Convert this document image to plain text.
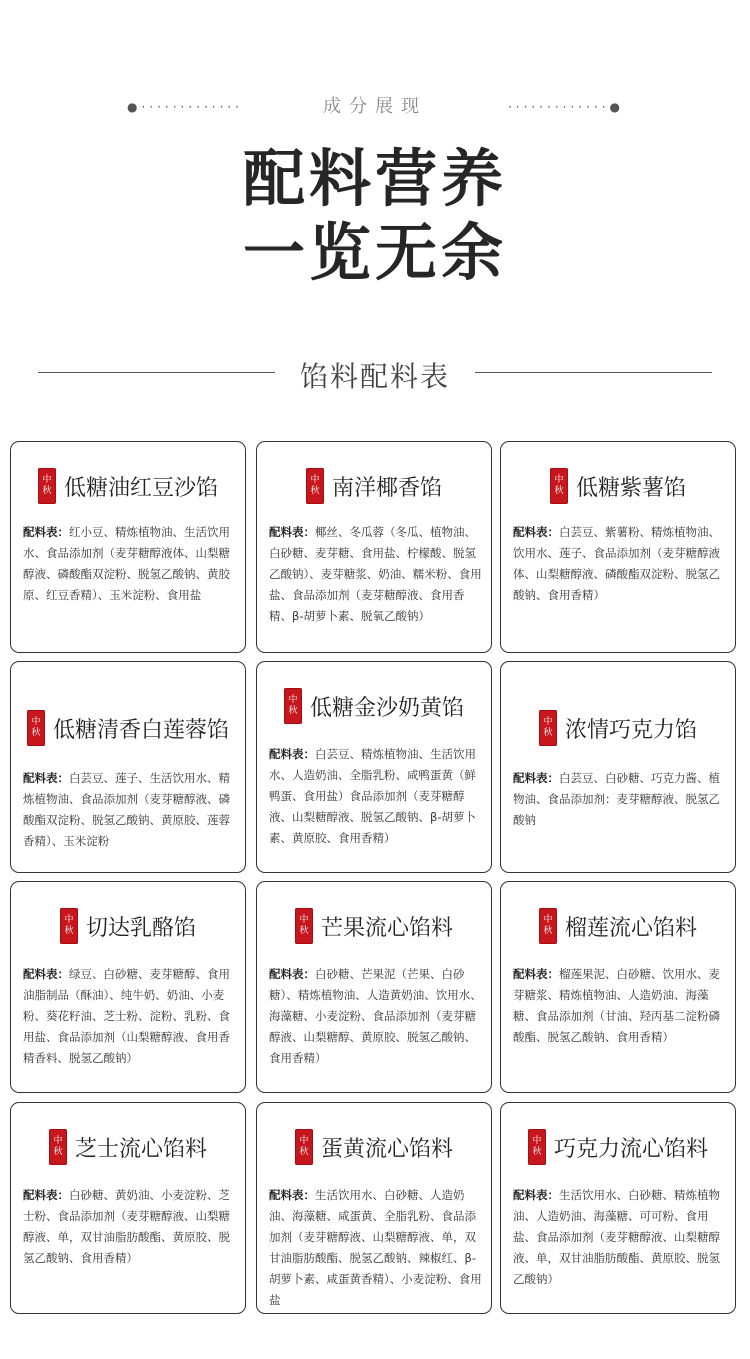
●·············	成分展现	·············●
配料营养
一览无余
馅料配料表
中
秋 低糖油红豆沙馅
配料表：红小豆、精炼植物油、生活饮用水、食品添加剂（麦芽糖醇液体、山梨糖醇液、磷酸酯双淀粉、脱氢乙酸钠、黄胶原、红豆香精）、玉米淀粉、食用盐
中
秋 南洋椰香馅
配料表：椰丝、冬瓜蓉（冬瓜、植物油、白砂糖、麦芽糖、食用盐、柠檬酸、脱氢乙酸钠）、麦芽糖浆、奶油、糯米粉、食用盐、食品添加剂（麦芽糖醇液、食用香精、β-胡萝卜素、脱氧乙酸钠）
中
秋 低糖紫薯馅
配料表：白芸豆、紫薯粉、精炼植物油、饮用水、莲子、食品添加剂（麦芽糖醇液体、山梨糖醇液、磷酸酯双淀粉、脱氢乙酸钠、食用香精）
中
秋 低糖清香白莲蓉馅
配料表：白芸豆、莲子、生活饮用水、精炼植物油、食品添加剂（麦芽糖醇液、磷酸酯双淀粉、脱氢乙酸钠、黄原胶、莲蓉香精）、玉米淀粉
中
秋 低糖金沙奶黄馅
配料表：白芸豆、精炼植物油、生活饮用水、人造奶油、全脂乳粉、咸鸭蛋黄（鲜鸭蛋、食用盐）食品添加剂（麦芽糖醇液、山梨糖醇液、脱氢乙酸钠、β-胡萝卜素、黄原胶、食用香精）
中
秋 浓情巧克力馅
配料表：白芸豆、白砂糖、巧克力酱、植物油、食品添加剂：麦芽糖醇液、脱氢乙酸钠
中
秋 切达乳酪馅
配料表：绿豆、白砂糖、麦芽糖醇、食用油脂制品（酥油）、纯牛奶、奶油、小麦粉、葵花籽油、芝士粉、淀粉、乳粉、食用盐、食品添加剂（山梨糖醇液、食用香精香料、脱氢乙酸钠）
中
秋 芒果流心馅料
配料表：白砂糖、芒果泥（芒果、白砂糖）、精炼植物油、人造黄奶油、饮用水、海藻糖、小麦淀粉、食品添加剂（麦芽糖醇液、山梨糖醇、黄原胶、脱氢乙酸钠、食用香精）
中
秋 榴莲流心馅料
配料表：榴莲果泥、白砂糖、饮用水、麦芽糖浆、精炼植物油、人造奶油、海藻糖、食品添加剂（甘油、羟丙基二淀粉磷酸酯、脱氢乙酸钠、食用香精）
中
秋 芝士流心馅料
配料表：白砂糖、黄奶油、小麦淀粉、芝士粉、食品添加剂（麦芽糖醇液、山梨糖醇液、单，双甘油脂肪酸酯、黄原胶、脱氢乙酸钠、食用香精）
中
秋 蛋黄流心馅料
配料表：生活饮用水、白砂糖、人造奶油、海藻糖、咸蛋黄、全脂乳粉、食品添加剂（麦芽糖醇液、山梨糖醇液、单，双甘油脂肪酸酯、脱氢乙酸钠、辣椒红、β-胡萝卜素、咸蛋黄香精）、小麦淀粉、食用盐
中
秋 巧克力流心馅料
配料表：生活饮用水、白砂糖、精炼植物油、人造奶油、海藻糖、可可粉、食用盐、食品添加剂（麦芽糖醇液、山梨糖醇液、单，双甘油脂肪酸酯、黄原胶、脱氢乙酸钠）
